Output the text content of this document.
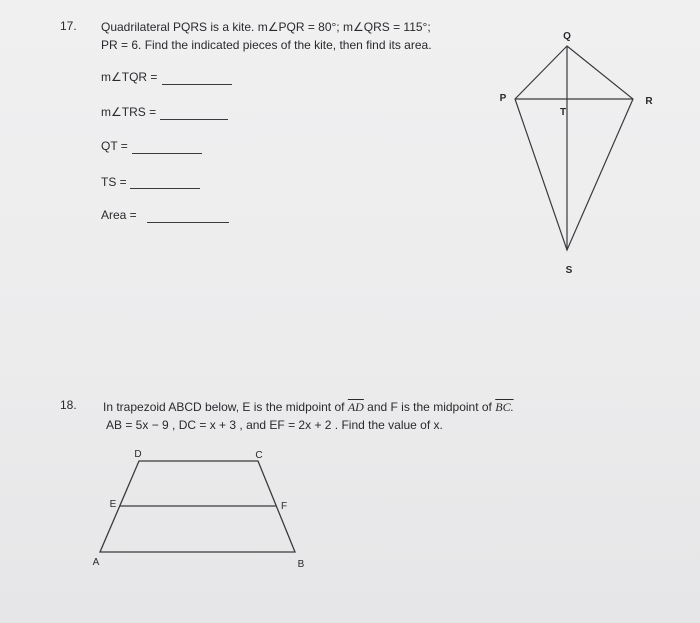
17. Quadrilateral PQRS is a kite. m∠PQR = 80°; m∠QRS = 115°;
PR = 6. Find the indicated pieces of the kite, then find its area.
m∠TQR =
m∠TRS =
QT =
TS =
Area =
Q
P	R
T
S
18. In trapezoid ABCD below, E is the midpoint of $\overline{AD}$ and F is the midpoint of BC.
AB = 5x − 9 , DC = x + 3 , and EF = 2x + 2 . Find the value of x.
A	B
C
D
E	F
